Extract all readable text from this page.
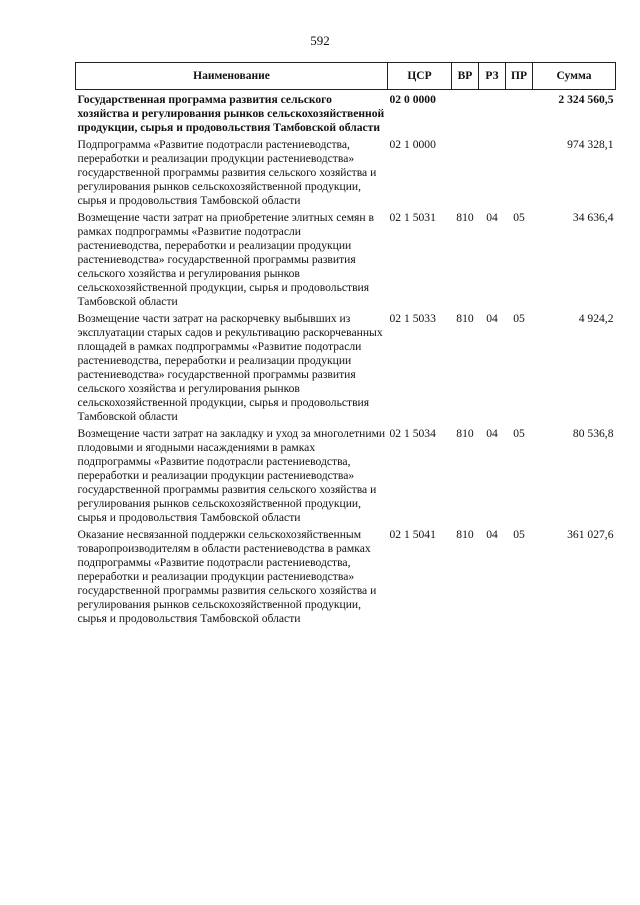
592
Наименование	ЦСР	ВР	РЗ	ПР	Сумма
Государственная программа развития сельского хозяйства и регулирования рынков сельскохозяйственной продукции, сырья и продовольствия Тамбовской области	02 0 0000				2 324 560,5
Подпрограмма «Развитие подотрасли растениеводства, переработки и реализации продукции растениеводства» государственной программы развития сельского хозяйства и регулирования рынков сельскохозяйственной продукции, сырья и продовольствия Тамбовской области	02 1 0000				974 328,1
Возмещение части затрат на приобретение элитных семян в рамках подпрограммы «Развитие подотрасли растениеводства, переработки и реализации продукции растениеводства» государственной программы развития сельского хозяйства и регулирования рынков сельскохозяйственной продукции, сырья и продовольствия Тамбовской области	02 1 5031	810	04	05	34 636,4
Возмещение части затрат на раскорчевку выбывших из эксплуатации старых садов и рекультивацию раскорчеванных площадей в рамках подпрограммы «Развитие подотрасли растениеводства, переработки и реализации продукции растениеводства» государственной программы развития сельского хозяйства и регулирования рынков сельскохозяйственной продукции, сырья и продовольствия Тамбовской области	02 1 5033	810	04	05	4 924,2
Возмещение части затрат на закладку и уход за многолетними плодовыми и ягодными насаждениями в рамках подпрограммы «Развитие подотрасли растениеводства, переработки и реализации продукции растениеводства» государственной программы развития сельского хозяйства и регулирования рынков сельскохозяйственной продукции, сырья и продовольствия Тамбовской области	02 1 5034	810	04	05	80 536,8
Оказание несвязанной поддержки сельскохозяйственным товаропроизводителям в области растениеводства в рамках подпрограммы «Развитие подотрасли растениеводства, переработки и реализации продукции растениеводства» государственной программы развития сельского хозяйства и регулирования рынков сельскохозяйственной продукции, сырья и продовольствия Тамбовской области	02 1 5041	810	04	05	361 027,6
